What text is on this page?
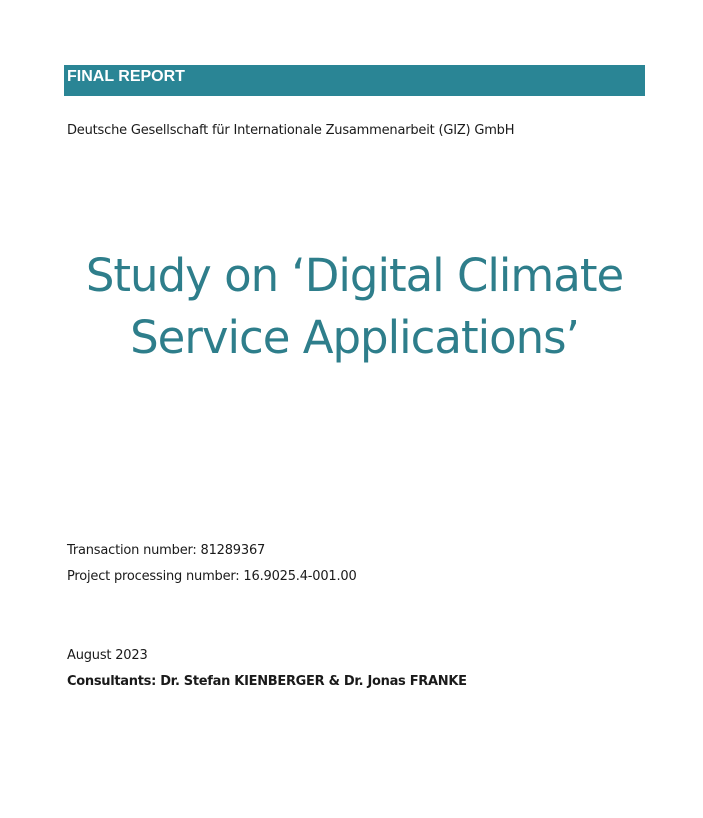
FINAL REPORT
Deutsche Gesellschaft für Internationale Zusammenarbeit (GIZ) GmbH
Study on ‘Digital Climate
Service Applications’
Transaction number: 81289367
Project processing number: 16.9025.4-001.00
August 2023
Consultants: Dr. Stefan KIENBERGER & Dr. Jonas FRANKE
